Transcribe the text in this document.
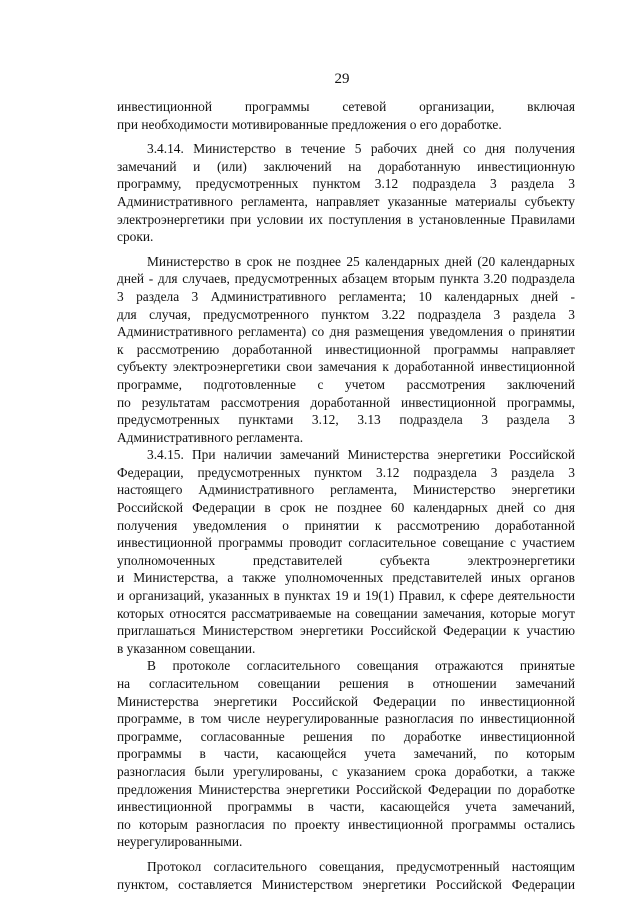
29
инвестиционной программы сетевой организации, включая
при необходимости мотивированные предложения о его доработке.
3.4.14. Министерство в течение 5 рабочих дней со дня получения
замечаний и (или) заключений на доработанную инвестиционную
программу, предусмотренных пунктом 3.12 подраздела 3 раздела 3
Административного регламента, направляет указанные материалы субъекту
электроэнергетики при условии их поступления в установленные Правилами
сроки.
Министерство в срок не позднее 25 календарных дней (20 календарных
дней - для случаев, предусмотренных абзацем вторым пункта 3.20 подраздела
3 раздела 3 Административного регламента; 10 календарных дней -
для случая, предусмотренного пунктом 3.22 подраздела 3 раздела 3
Административного регламента) со дня размещения уведомления о принятии
к рассмотрению доработанной инвестиционной программы направляет
субъекту электроэнергетики свои замечания к доработанной инвестиционной
программе, подготовленные с учетом рассмотрения заключений
по результатам рассмотрения доработанной инвестиционной программы,
предусмотренных пунктами 3.12, 3.13 подраздела 3 раздела 3
Административного регламента.
3.4.15. При наличии замечаний Министерства энергетики Российской
Федерации, предусмотренных пунктом 3.12 подраздела 3 раздела 3
настоящего Административного регламента, Министерство энергетики
Российской Федерации в срок не позднее 60 календарных дней со дня
получения уведомления о принятии к рассмотрению доработанной
инвестиционной программы проводит согласительное совещание с участием
уполномоченных представителей субъекта электроэнергетики
и Министерства, а также уполномоченных представителей иных органов
и организаций, указанных в пунктах 19 и 19(1) Правил, к сфере деятельности
которых относятся рассматриваемые на совещании замечания, которые могут
приглашаться Министерством энергетики Российской Федерации к участию
в указанном совещании.
В протоколе согласительного совещания отражаются принятые
на согласительном совещании решения в отношении замечаний
Министерства энергетики Российской Федерации по инвестиционной
программе, в том числе неурегулированные разногласия по инвестиционной
программе, согласованные решения по доработке инвестиционной
программы в части, касающейся учета замечаний, по которым
разногласия были урегулированы, с указанием срока доработки, а также
предложения Министерства энергетики Российской Федерации по доработке
инвестиционной программы в части, касающейся учета замечаний,
по которым разногласия по проекту инвестиционной программы остались
неурегулированными.
Протокол согласительного совещания, предусмотренный настоящим
пунктом, составляется Министерством энергетики Российской Федерации
